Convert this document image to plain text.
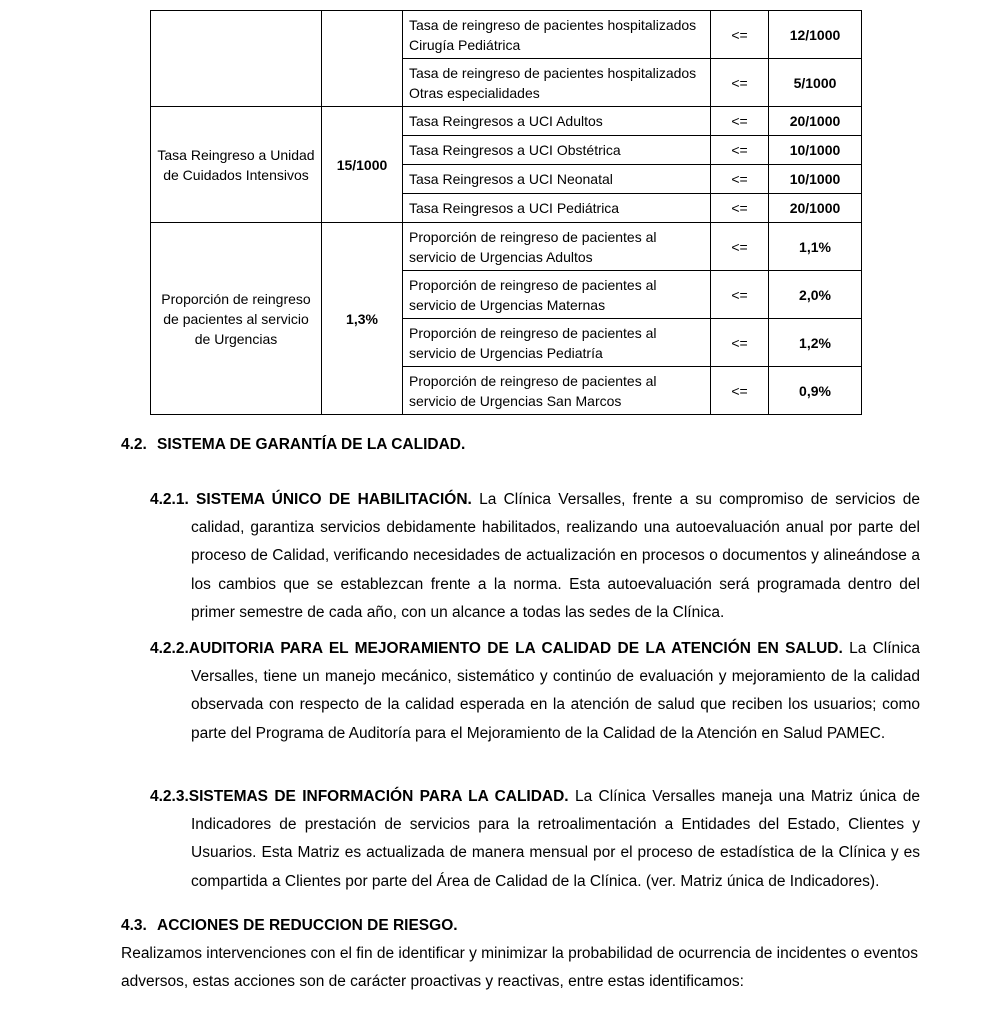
		Tasa de reingreso de pacientes hospitalizados Cirugía Pediátrica	<=	12/1000
		Tasa de reingreso de pacientes hospitalizados Otras especialidades	<=	5/1000
Tasa Reingreso a Unidad de Cuidados Intensivos	15/1000	Tasa Reingresos a UCI Adultos	<=	20/1000
		Tasa Reingresos a UCI Obstétrica	<=	10/1000
		Tasa Reingresos a UCI Neonatal	<=	10/1000
		Tasa Reingresos a UCI Pediátrica	<=	20/1000
Proporción de reingreso de pacientes al servicio de Urgencias	1,3%	Proporción de reingreso de pacientes al servicio de Urgencias Adultos	<=	1,1%
		Proporción de reingreso de pacientes al servicio de Urgencias Maternas	<=	2,0%
		Proporción de reingreso de pacientes al servicio de Urgencias Pediatría	<=	1,2%
		Proporción de reingreso de pacientes al servicio de Urgencias San Marcos	<=	0,9%
4.2. SISTEMA DE GARANTÍA DE LA CALIDAD.
4.2.1. SISTEMA ÚNICO DE HABILITACIÓN. La Clínica Versalles, frente a su compromiso de servicios de calidad, garantiza servicios debidamente habilitados, realizando una autoevaluación anual por parte del proceso de Calidad, verificando necesidades de actualización en procesos o documentos y alineándose a los cambios que se establezcan frente a la norma. Esta autoevaluación será programada dentro del primer semestre de cada año, con un alcance a todas las sedes de la Clínica.
4.2.2.AUDITORIA PARA EL MEJORAMIENTO DE LA CALIDAD DE LA ATENCIÓN EN SALUD. La Clínica Versalles, tiene un manejo mecánico, sistemático y continúo de evaluación y mejoramiento de la calidad observada con respecto de la calidad esperada en la atención de salud que reciben los usuarios; como parte del Programa de Auditoría para el Mejoramiento de la Calidad de la Atención en Salud PAMEC.
4.2.3.SISTEMAS DE INFORMACIÓN PARA LA CALIDAD. La Clínica Versalles maneja una Matriz única de Indicadores de prestación de servicios para la retroalimentación a Entidades del Estado, Clientes y Usuarios. Esta Matriz es actualizada de manera mensual por el proceso de estadística de la Clínica y es compartida a Clientes por parte del Área de Calidad de la Clínica. (ver. Matriz única de Indicadores).
4.3. ACCIONES DE REDUCCION DE RIESGO.
Realizamos intervenciones con el fin de identificar y minimizar la probabilidad de ocurrencia de incidentes o eventos adversos, estas acciones son de carácter proactivas y reactivas, entre estas identificamos:
